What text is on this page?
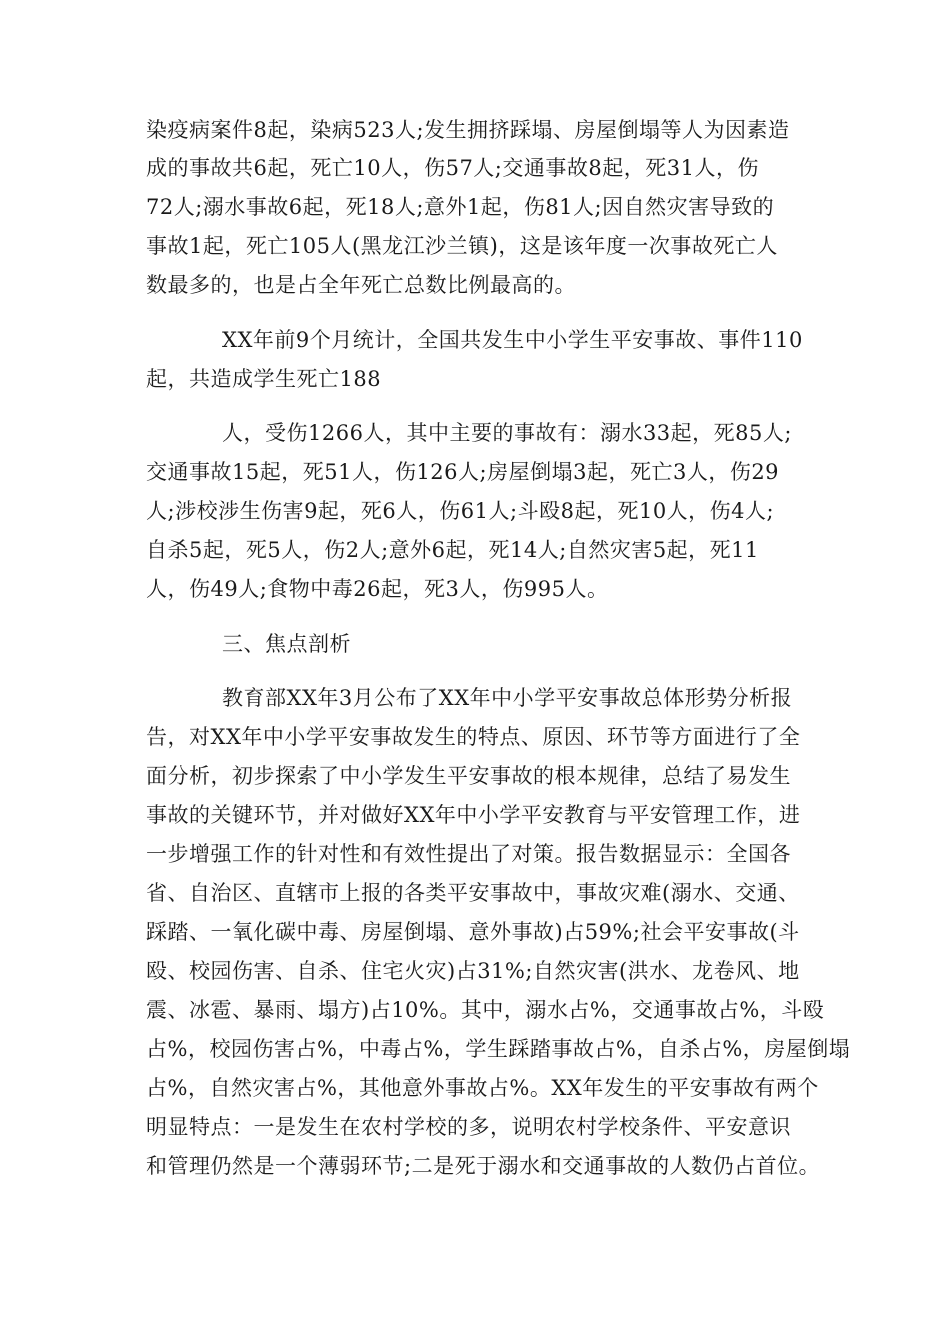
染疫病案件8起，染病523人;发生拥挤踩塌、房屋倒塌等人为因素造
成的事故共6起，死亡10人，伤57人;交通事故8起，死31人，伤
72人;溺水事故6起，死18人;意外1起，伤81人;因自然灾害导致的
事故1起，死亡105人(黑龙江沙兰镇)，这是该年度一次事故死亡人
数最多的，也是占全年死亡总数比例最高的。
XX年前9个月统计，全国共发生中小学生平安事故、事件110
起，共造成学生死亡188
人，受伤1266人，其中主要的事故有：溺水33起，死85人;
交通事故15起，死51人，伤126人;房屋倒塌3起，死亡3人，伤29
人;涉校涉生伤害9起，死6人，伤61人;斗殴8起，死10人，伤4人;
自杀5起，死5人，伤2人;意外6起，死14人;自然灾害5起，死11
人，伤49人;食物中毒26起，死3人，伤995人。
三、焦点剖析
教育部XX年3月公布了XX年中小学平安事故总体形势分析报
告，对XX年中小学平安事故发生的特点、原因、环节等方面进行了全
面分析，初步探索了中小学发生平安事故的根本规律，总结了易发生
事故的关键环节，并对做好XX年中小学平安教育与平安管理工作，进
一步增强工作的针对性和有效性提出了对策。报告数据显示：全国各
省、自治区、直辖市上报的各类平安事故中，事故灾难(溺水、交通、
踩踏、一氧化碳中毒、房屋倒塌、意外事故)占59%;社会平安事故(斗
殴、校园伤害、自杀、住宅火灾)占31%;自然灾害(洪水、龙卷风、地
震、冰雹、暴雨、塌方)占10%。其中，溺水占%，交通事故占%，斗殴
占%，校园伤害占%，中毒占%，学生踩踏事故占%，自杀占%，房屋倒塌
占%，自然灾害占%，其他意外事故占%。XX年发生的平安事故有两个
明显特点：一是发生在农村学校的多，说明农村学校条件、平安意识
和管理仍然是一个薄弱环节;二是死于溺水和交通事故的人数仍占首位。
